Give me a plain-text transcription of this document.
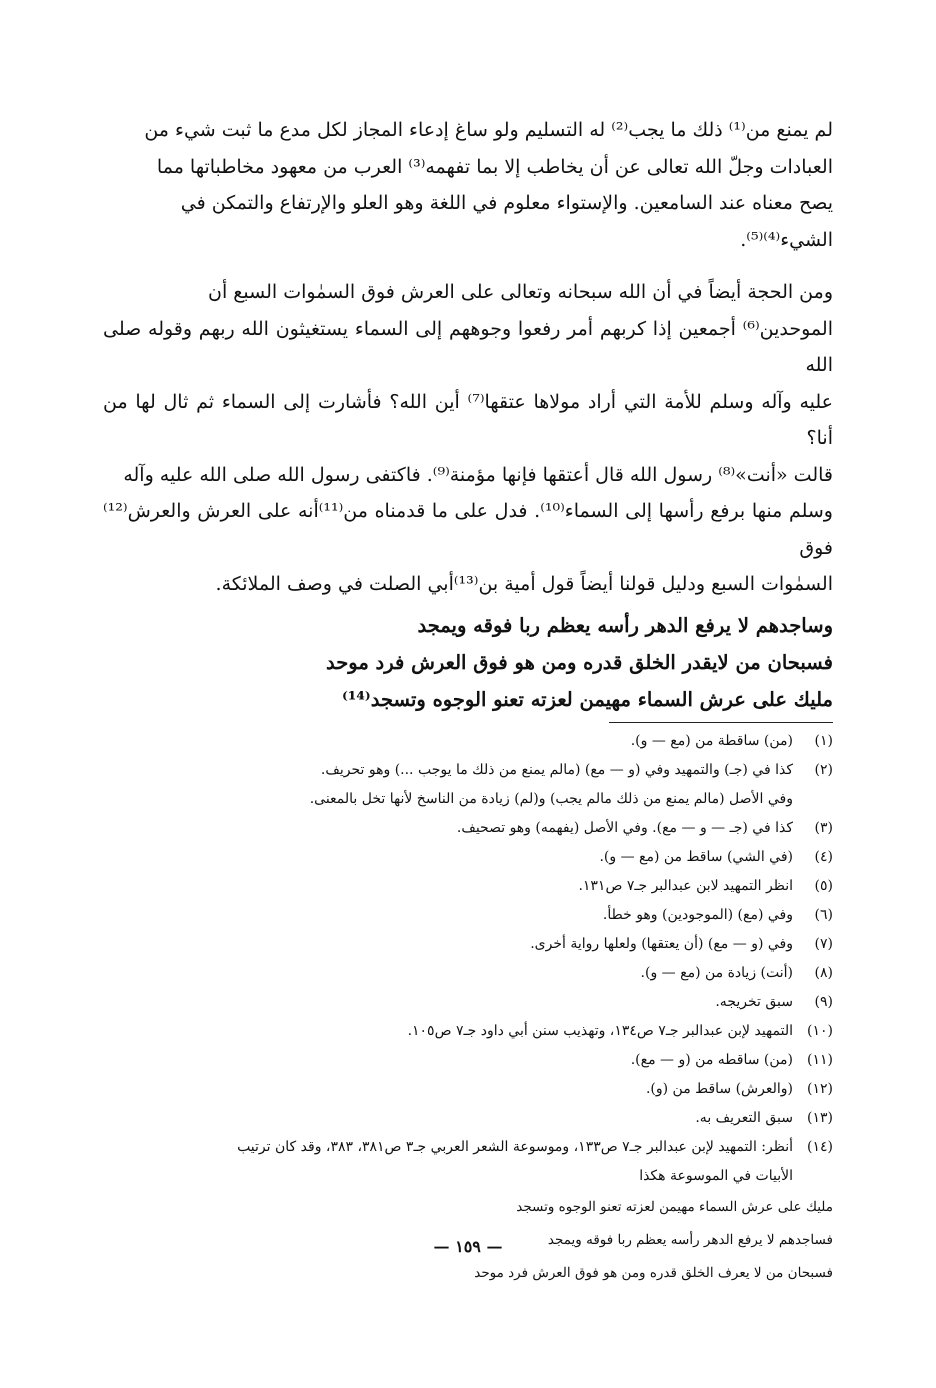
لم يمنع من⁽¹⁾ ذلك ما يجب⁽²⁾ له التسليم ولو ساغ إدعاء المجاز لكل مدع ما ثبت شيء من
العبادات وجلّ الله تعالى عن أن يخاطب إلا بما تفهمه⁽³⁾ العرب من معهود مخاطباتها مما
يصح معناه عند السامعين. والإستواء معلوم في اللغة وهو العلو والإرتفاع والتمكن في
الشيء⁽⁴⁾⁽⁵⁾.
ومن الحجة أيضاً في أن الله سبحانه وتعالى على العرش فوق السمٰوات السبع أن
الموحدين⁽⁶⁾ أجمعين إذا كربهم أمر رفعوا وجوههم إلى السماء يستغيثون الله ربهم وقوله صلى الله
عليه وآله وسلم للأمة التي أراد مولاها عتقها⁽⁷⁾ أين الله؟ فأشارت إلى السماء ثم ثال لها من أنا؟
قالت «أنت»⁽⁸⁾ رسول الله قال أعتقها فإنها مؤمنة⁽⁹⁾. فاكتفى رسول الله صلى الله عليه وآله
وسلم منها برفع رأسها إلى السماء⁽¹⁰⁾. فدل على ما قدمناه من⁽¹¹⁾أنه على العرش والعرش⁽¹²⁾فوق
السمٰوات السبع ودليل قولنا أيضاً قول أمية بن⁽¹³⁾أبي الصلت في وصف الملائكة.
وساجدهم لا يرفع الدهر رأسه يعظم ربا فوقه ويمجد
فسبحان من لايقدر الخلق قدره ومن هو فوق العرش فرد موحد
مليك على عرش السماء مهيمن لعزته تعنو الوجوه وتسجد⁽¹⁴⁾
(١)
(من) ساقطة من (مع — و).
(٢)
كذا في (جـ) والتمهيد وفي (و — مع) (مالم يمنع من ذلك ما يوجب ...) وهو تحريف.
وفي الأصل (مالم يمنع من ذلك مالم يجب) و(لم) زيادة من الناسخ لأنها تخل بالمعنى.
(٣)
كذا في (جـ — و — مع). وفي الأصل (يفهمه) وهو تصحيف.
(٤)
(في الشي) ساقط من (مع — و).
(٥)
انظر التمهيد لابن عبدالبر جـ٧ ص١٣١.
(٦)
وفي (مع) (الموجودين) وهو خطأ.
(٧)
وفي (و — مع) (أن يعتقها) ولعلها رواية أخرى.
(٨)
(أنت) زيادة من (مع — و).
(٩)
سبق تخريجه.
(١٠)
التمهيد لإبن عبدالبر جـ٧ ص١٣٤، وتهذيب سنن أبي داود جـ٧ ص١٠٥.
(١١)
(من) ساقطه من (و — مع).
(١٢)
(والعرش) ساقط من (و).
(١٣)
سبق التعريف به.
(١٤)
أنظر: التمهيد لإبن عبدالبر جـ٧ ص١٣٣، وموسوعة الشعر العربي جـ٣ ص٣٨١، ٣٨٣، وقد كان ترتيب
الأبيات في الموسوعة هكذا
مليك على عرش السماء مهيمن لعزته تعنو الوجوه وتسجد
فساجدهم لا يرفع الدهر رأسه يعظم ربا فوقه ويمجد
فسبحان من لا يعرف الخلق قدره ومن هو فوق العرش فرد موحد
— ١٥٩ —
